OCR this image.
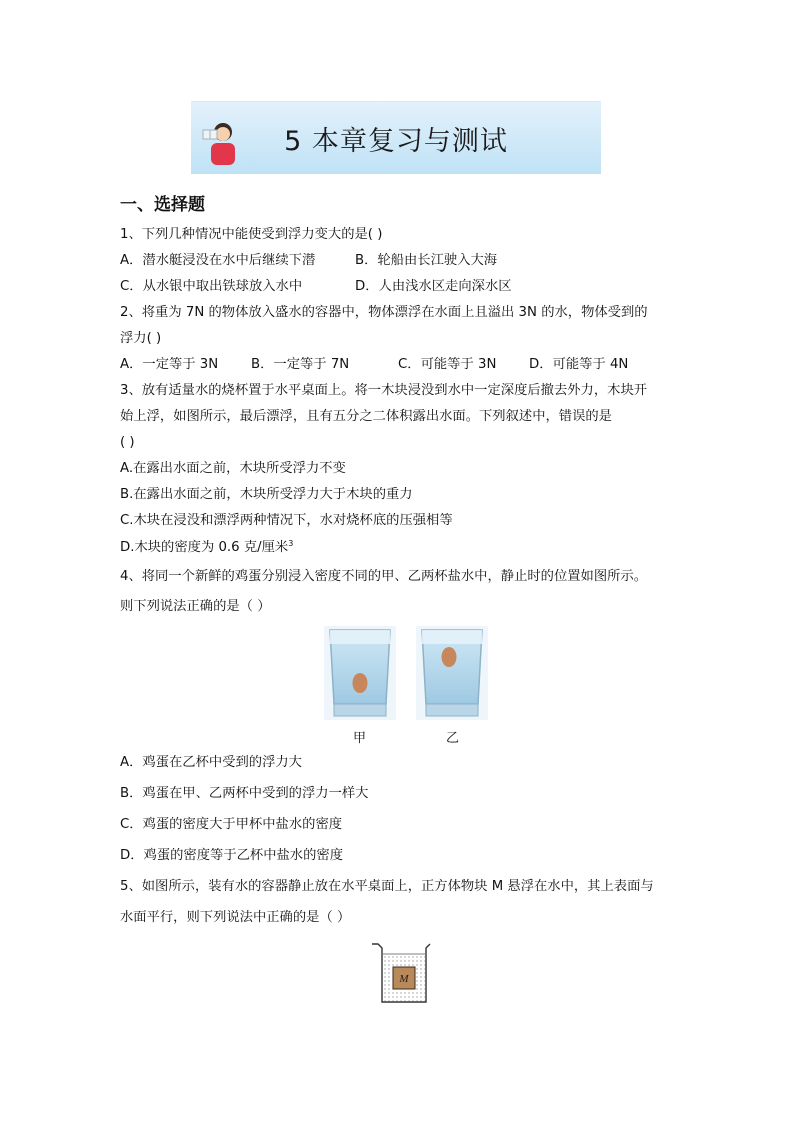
5 本章复习与测试
一、选择题
1、下列几种情况中能使受到浮力变大的是( )
A．潜水艇浸没在水中后继续下潜	B．轮船由长江驶入大海
C．从水银中取出铁球放入水中	D．人由浅水区走向深水区
2、将重为 7N 的物体放入盛水的容器中，物体漂浮在水面上且溢出 3N 的水，物体受到的
浮力( )
A．一定等于 3N B．一定等于 7N	C．可能等于 3N D．可能等于 4N
3、放有适量水的烧杯置于水平桌面上。将一木块浸没到水中一定深度后撤去外力，木块开
始上浮，如图所示，最后漂浮，且有五分之二体积露出水面。下列叙述中，错误的是
( )
A.在露出水面之前，木块所受浮力不变
B.在露出水面之前，木块所受浮力大于木块的重力
C.木块在浸没和漂浮两种情况下，水对烧杯底的压强相等
D.木块的密度为 0.6 克/厘米$^3$
4、将同一个新鲜的鸡蛋分别浸入密度不同的甲、乙两杯盐水中，静止时的位置如图所示。
则下列说法正确的是（ ）
甲	乙
A．鸡蛋在乙杯中受到的浮力大
B．鸡蛋在甲、乙两杯中受到的浮力一样大
C．鸡蛋的密度大于甲杯中盐水的密度
D．鸡蛋的密度等于乙杯中盐水的密度
5、如图所示，装有水的容器静止放在水平桌面上，正方体物块 M 悬浮在水中，其上表面与
水面平行，则下列说法中正确的是（ ）
M
